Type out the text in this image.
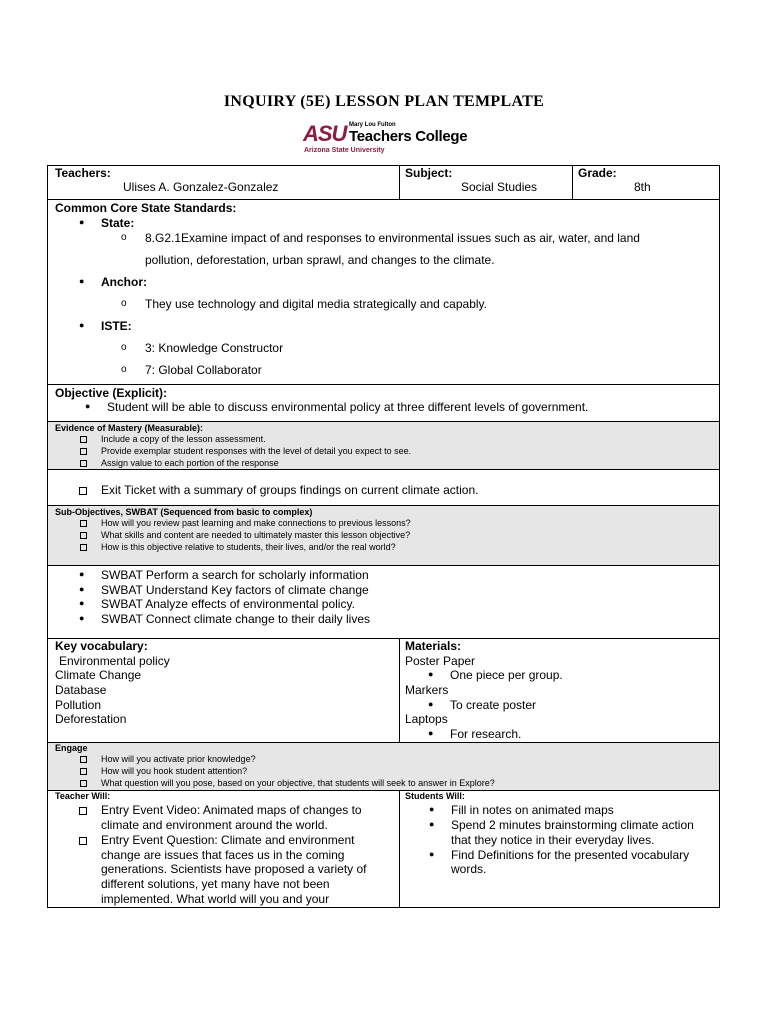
INQUIRY (5E) LESSON PLAN TEMPLATE
ASU Mary Lou Fulton
Teachers College
Arizona State University
Teachers:
Ulises A. Gonzalez-Gonzalez
Subject:
Social Studies
Grade:
8th
Common Core State Standards:
● State:
o 8.G2.1Examine impact of and responses to environmental issues such as air, water, and land
pollution, deforestation, urban sprawl, and changes to the climate.
● Anchor:
o They use technology and digital media strategically and capably.
● ISTE:
o 3: Knowledge Constructor
o 7: Global Collaborator
Objective (Explicit):
● Student will be able to discuss environmental policy at three different levels of government.
Evidence of Mastery (Measurable):
Include a copy of the lesson assessment.
Provide exemplar student responses with the level of detail you expect to see.
Assign value to each portion of the response
Exit Ticket with a summary of groups findings on current climate action.
Sub-Objectives, SWBAT (Sequenced from basic to complex)
How will you review past learning and make connections to previous lessons?
What skills and content are needed to ultimately master this lesson objective?
How is this objective relative to students, their lives, and/or the real world?
● SWBAT Perform a search for scholarly information
● SWBAT Understand Key factors of climate change
● SWBAT Analyze effects of environmental policy.
● SWBAT Connect climate change to their daily lives
Key vocabulary:
Environmental policy
Climate Change
Database
Pollution
Deforestation
Materials:
Poster Paper
● One piece per group.
Markers
● To create poster
Laptops
● For research.
Engage
How will you activate prior knowledge?
How will you hook student attention?
What question will you pose, based on your objective, that students will seek to answer in Explore?
Teacher Will:
Entry Event Video: Animated maps of changes to
climate and environment around the world.
Entry Event Question: Climate and environment
change are issues that faces us in the coming
generations. Scientists have proposed a variety of
different solutions, yet many have not been
implemented. What world will you and your
Students Will:
● Fill in notes on animated maps
● Spend 2 minutes brainstorming climate action
that they notice in their everyday lives.
● Find Definitions for the presented vocabulary
words.
